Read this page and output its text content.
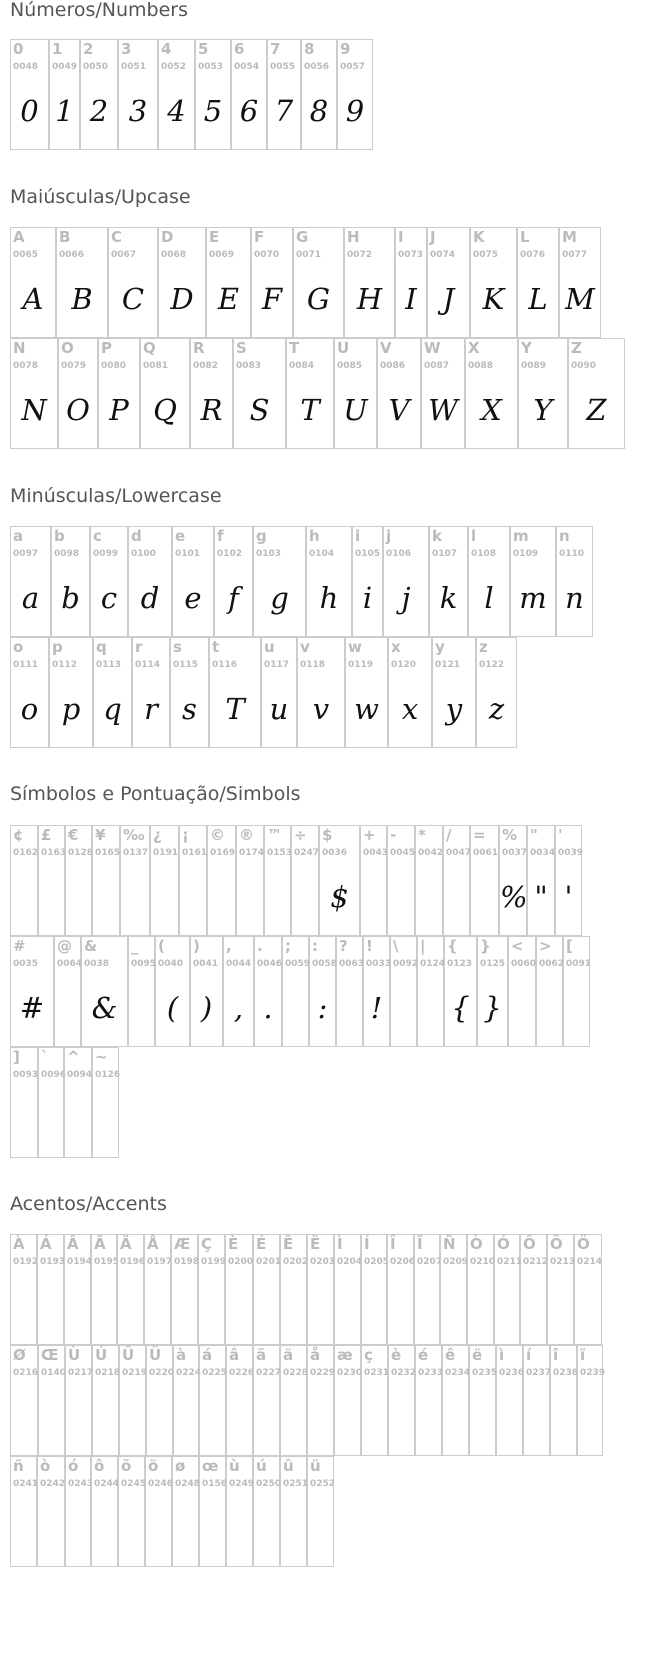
Números/Numbers
0
0048
0
1
0049
1
2
0050
2
3
0051
3
4
0052
4
5
0053
5
6
0054
6
7
0055
7
8
0056
8
9
0057
9
Maiúsculas/Upcase
A
0065
A
B
0066
B
C
0067
C
D
0068
D
E
0069
E
F
0070
F
G
0071
G
H
0072
H
I
0073
I
J
0074
J
K
0075
K
L
0076
L
M
0077
M
N
0078
N
O
0079
O
P
0080
P
Q
0081
Q
R
0082
R
S
0083
S
T
0084
T
U
0085
U
V
0086
V
W
0087
W
X
0088
X
Y
0089
Y
Z
0090
Z
Minúsculas/Lowercase
a
0097
a
b
0098
b
c
0099
c
d
0100
d
e
0101
e
f
0102
f
g
0103
g
h
0104
h
i
0105
i
j
0106
j
k
0107
k
l
0108
l
m
0109
m
n
0110
n
o
0111
o
p
0112
p
q
0113
q
r
0114
r
s
0115
s
t
0116
T
u
0117
u
v
0118
v
w
0119
w
x
0120
x
y
0121
y
z
0122
z
Símbolos e Pontuação/Simbols
¢
0162
£
0163
€
0128
¥
0165
‰
0137
¿
0191
¡
0161
©
0169
®
0174
™
0153
÷
0247
$
0036
$
+
0043
-
0045
*
0042
/
0047
=
0061
%
0037
%
"
0034
"
'
0039
'
#
0035
#
@
0064
&
0038
&
_
0095
(
0040
(
)
0041
)
,
0044
,
.
0046
.
;
0059
:
0058
:
?
0063
!
0033
!
\
0092
|
0124
{
0123
{
}
0125
}
<
0060
>
0062
[
0091
]
0093
`
0096
^
0094
~
0126
Acentos/Accents
À
0192
Á
0193
Â
0194
Ã
0195
Ä
0196
Å
0197
Æ
0198
Ç
0199
È
0200
É
0201
Ê
0202
Ë
0203
Ì
0204
Í
0205
Î
0206
Ï
0207
Ñ
0209
Ò
0210
Ó
0211
Ô
0212
Õ
0213
Ö
0214
Ø
0216
Œ
0140
Ù
0217
Ú
0218
Û
0219
Ü
0220
à
0224
á
0225
â
0226
ã
0227
ä
0228
å
0229
æ
0230
ç
0231
è
0232
é
0233
ê
0234
ë
0235
ì
0236
í
0237
î
0238
ï
0239
ñ
0241
ò
0242
ó
0243
ô
0244
õ
0245
ö
0246
ø
0248
œ
0156
ù
0249
ú
0250
û
0251
ü
0252
